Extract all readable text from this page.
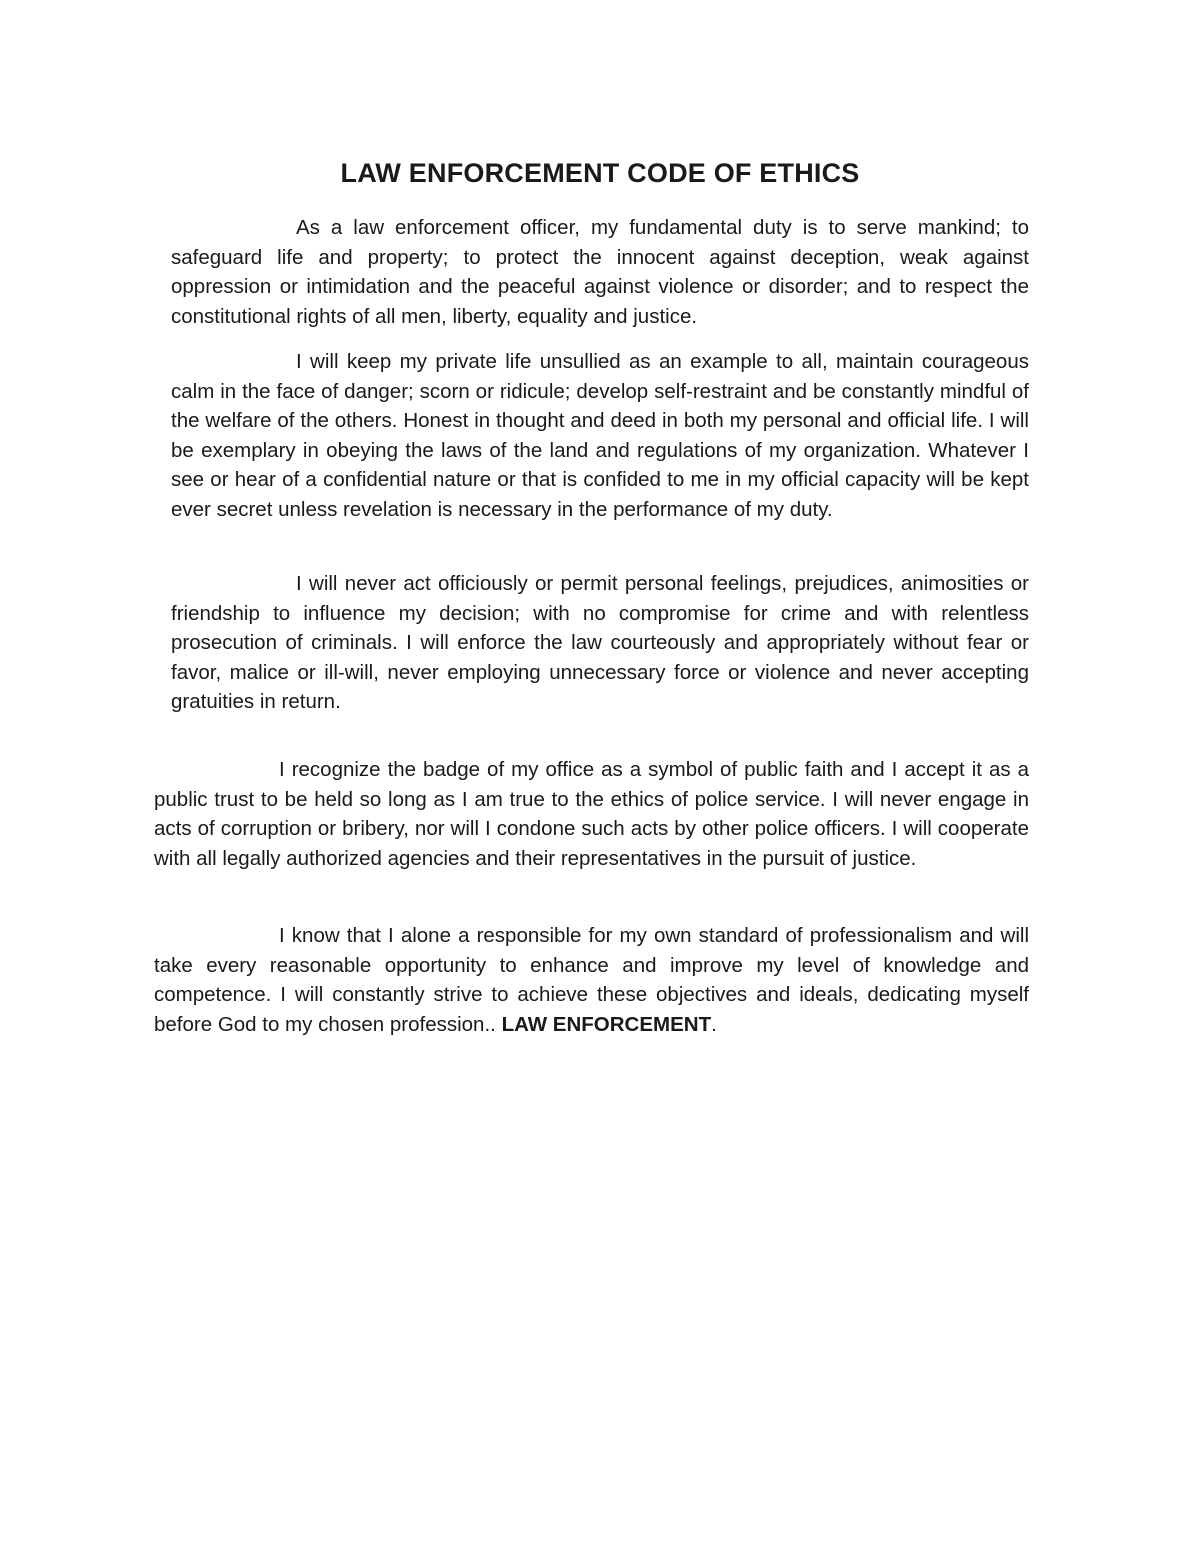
LAW ENFORCEMENT CODE OF ETHICS

As a law enforcement officer, my fundamental duty is to serve mankind; to safeguard life and property; to protect the innocent against deception, weak against oppression or intimidation and the peaceful against violence or disorder; and to respect the constitutional rights of all men, liberty, equality and justice.

I will keep my private life unsullied as an example to all, maintain courageous calm in the face of danger; scorn or ridicule; develop self-restraint and be constantly mindful of the welfare of the others. Honest in thought and deed in both my personal and official life. I will be exemplary in obeying the laws of the land and regulations of my organization. Whatever I see or hear of a confidential nature or that is confided to me in my official capacity will be kept ever secret unless revelation is necessary in the performance of my duty.

I will never act officiously or permit personal feelings, prejudices, animosities or friendship to influence my decision; with no compromise for crime and with relentless prosecution of criminals. I will enforce the law courteously and appropriately without fear or favor, malice or ill-will, never employing unnecessary force or violence and never accepting gratuities in return.

I recognize the badge of my office as a symbol of public faith and I accept it as a public trust to be held so long as I am true to the ethics of police service. I will never engage in acts of corruption or bribery, nor will I condone such acts by other police officers. I will cooperate with all legally authorized agencies and their representatives in the pursuit of justice.

I know that I alone a responsible for my own standard of professionalism and will take every reasonable opportunity to enhance and improve my level of knowledge and competence. I will constantly strive to achieve these objectives and ideals, dedicating myself before God to my chosen profession.. LAW ENFORCEMENT.
